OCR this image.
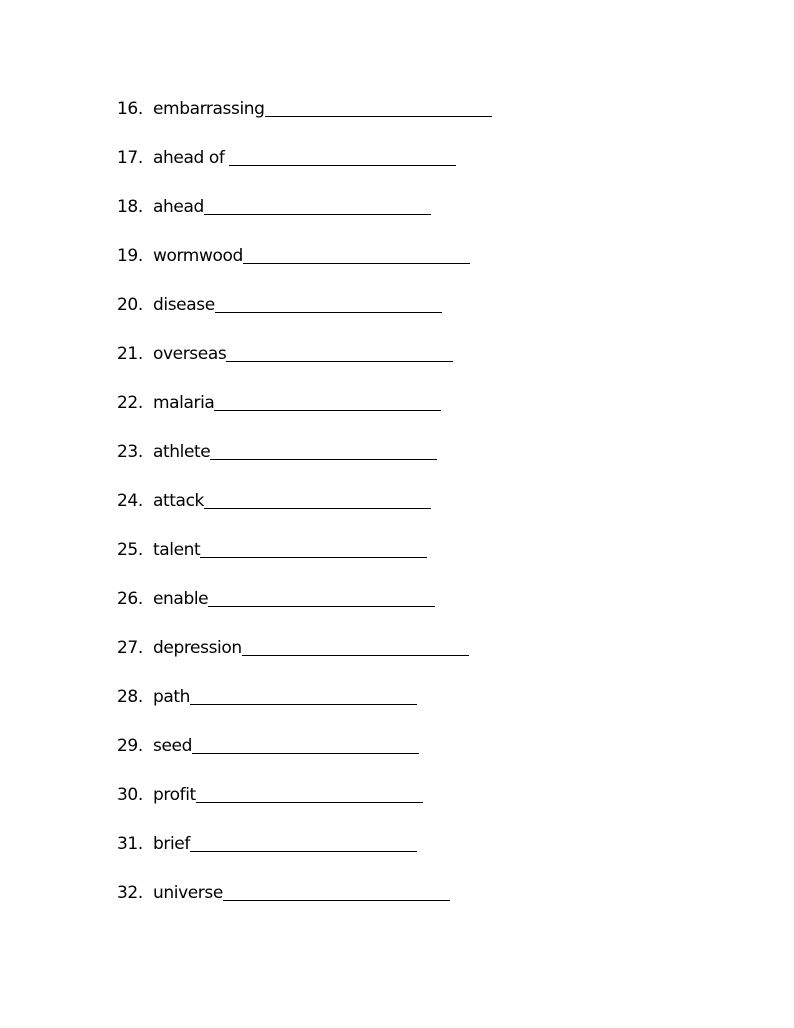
16. embarrassing
17. ahead of
18. ahead
19. wormwood
20. disease
21. overseas
22. malaria
23. athlete
24. attack
25. talent
26. enable
27. depression
28. path
29. seed
30. profit
31. brief
32. universe
